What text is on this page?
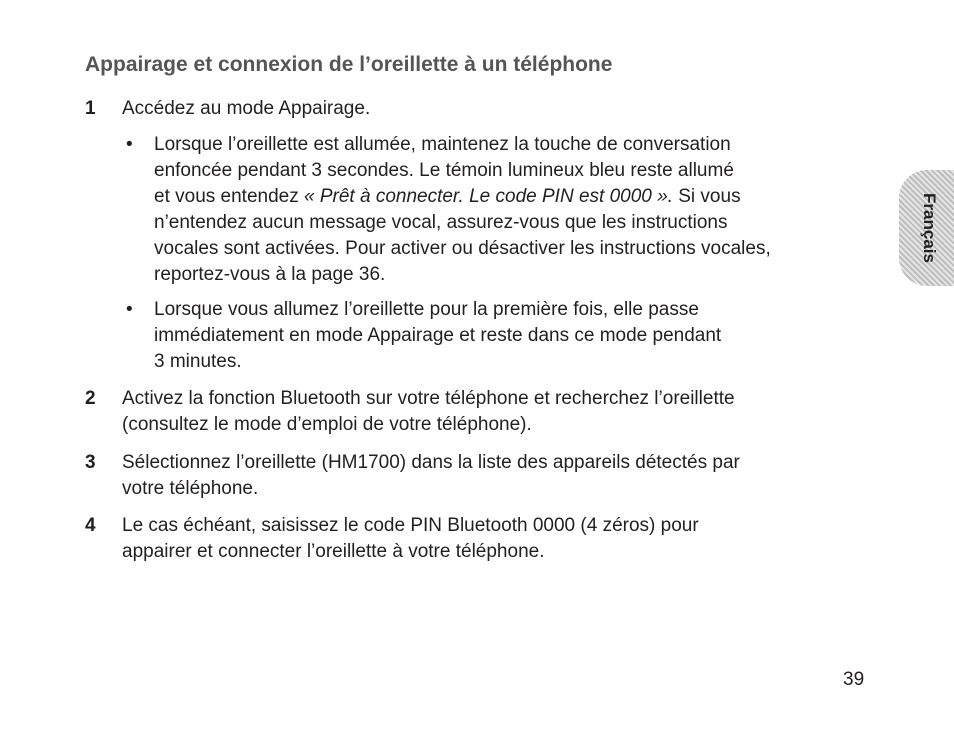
Appairage et connexion de l’oreillette à un téléphone
1 Accédez au mode Appairage.
• Lorsque l’oreillette est allumée, maintenez la touche de conversation
enfoncée pendant 3 secondes. Le témoin lumineux bleu reste allumé
et vous entendez « Prêt à connecter. Le code PIN est 0000 ». Si vous
n’entendez aucun message vocal, assurez-vous que les instructions
vocales sont activées. Pour activer ou désactiver les instructions vocales,
reportez-vous à la page 36.
• Lorsque vous allumez l’oreillette pour la première fois, elle passe
immédiatement en mode Appairage et reste dans ce mode pendant
3 minutes.
2 Activez la fonction Bluetooth sur votre téléphone et recherchez l’oreillette
(consultez le mode d’emploi de votre téléphone).
3 Sélectionnez l’oreillette (HM1700) dans la liste des appareils détectés par
votre téléphone.
4 Le cas échéant, saisissez le code PIN Bluetooth 0000 (4 zéros) pour
appairer et connecter l’oreillette à votre téléphone.
Français
39
